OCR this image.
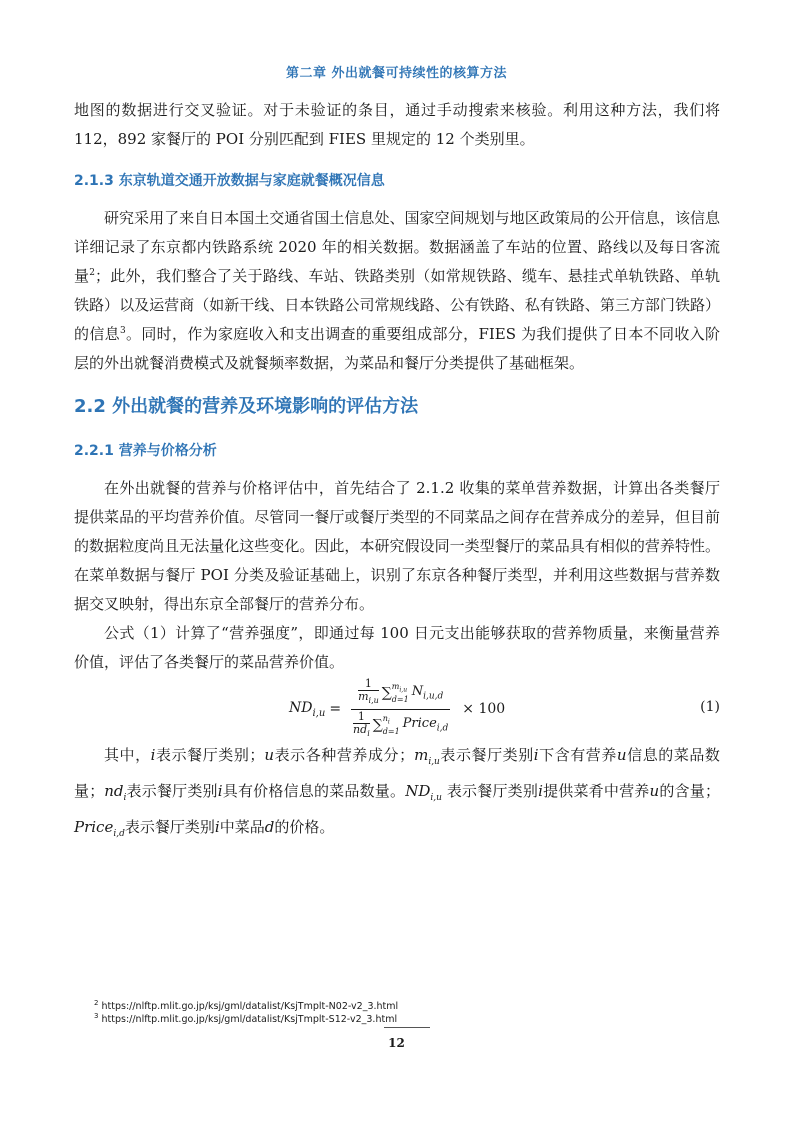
第二章 外出就餐可持续性的核算方法

地图的数据进行交叉验证。对于未验证的条目，通过手动搜索来核验。利用这种方法，我们将112，892 家餐厅的 POI 分别匹配到 FIES 里规定的 12 个类别里。

2.1.3 东京轨道交通开放数据与家庭就餐概况信息

研究采用了来自日本国土交通省国土信息处、国家空间规划与地区政策局的公开信息，该信息详细记录了东京都内铁路系统 2020 年的相关数据。数据涵盖了车站的位置、路线以及每日客流量$^2$；此外，我们整合了关于路线、车站、铁路类别（如常规铁路、缆车、悬挂式单轨铁路、单轨铁路）以及运营商（如新干线、日本铁路公司常规线路、公有铁路、私有铁路、第三方部门铁路）的信息$^3$。同时，作为家庭收入和支出调查的重要组成部分，FIES 为我们提供了日本不同收入阶层的外出就餐消费模式及就餐频率数据，为菜品和餐厅分类提供了基础框架。

2.2 外出就餐的营养及环境影响的评估方法
2.2.1 营养与价格分析

在外出就餐的营养与价格评估中，首先结合了 2.1.2 收集的菜单营养数据，计算出各类餐厅提供菜品的平均营养价值。尽管同一餐厅或餐厅类型的不同菜品之间存在营养成分的差异，但目前的数据粒度尚且无法量化这些变化。因此，本研究假设同一类型餐厅的菜品具有相似的营养特性。在菜单数据与餐厅 POI 分类及验证基础上，识别了东京各种餐厅类型，并利用这些数据与营养数据交叉映射，得出东京全部餐厅的营养分布。

公式（1）计算了“营养强度”，即通过每 100 日元支出能够获取的营养物质量，来衡量营养价值，评估了各类餐厅的菜品营养价值。

$ND_{i,u}$ =
$\frac{1}{m_{i,u}}$ ∑ $m_{i,u}$
d=1
$N_{i,u,d}$
$\frac{1}{nd_i}$ ∑ $n_i$
d=1
Price$_{i,d}$
× 100	(1)

其中，i表示餐厅类别；u表示各种营养成分；$m_{i,u}$表示餐厅类别i下含有营养u信息的菜品数量；$nd_i$表示餐厅类别i具有价格信息的菜品数量。$ND_{i,u}$ 表示餐厅类别i提供菜肴中营养u的含量；Price$_{i,d}$表示餐厅类别i中菜品d的价格。

$^2$ https://nlftp.mlit.go.jp/ksj/gml/datalist/KsjTmplt-N02-v2_3.html
$^3$ https://nlftp.mlit.go.jp/ksj/gml/datalist/KsjTmplt-S12-v2_3.html
12
